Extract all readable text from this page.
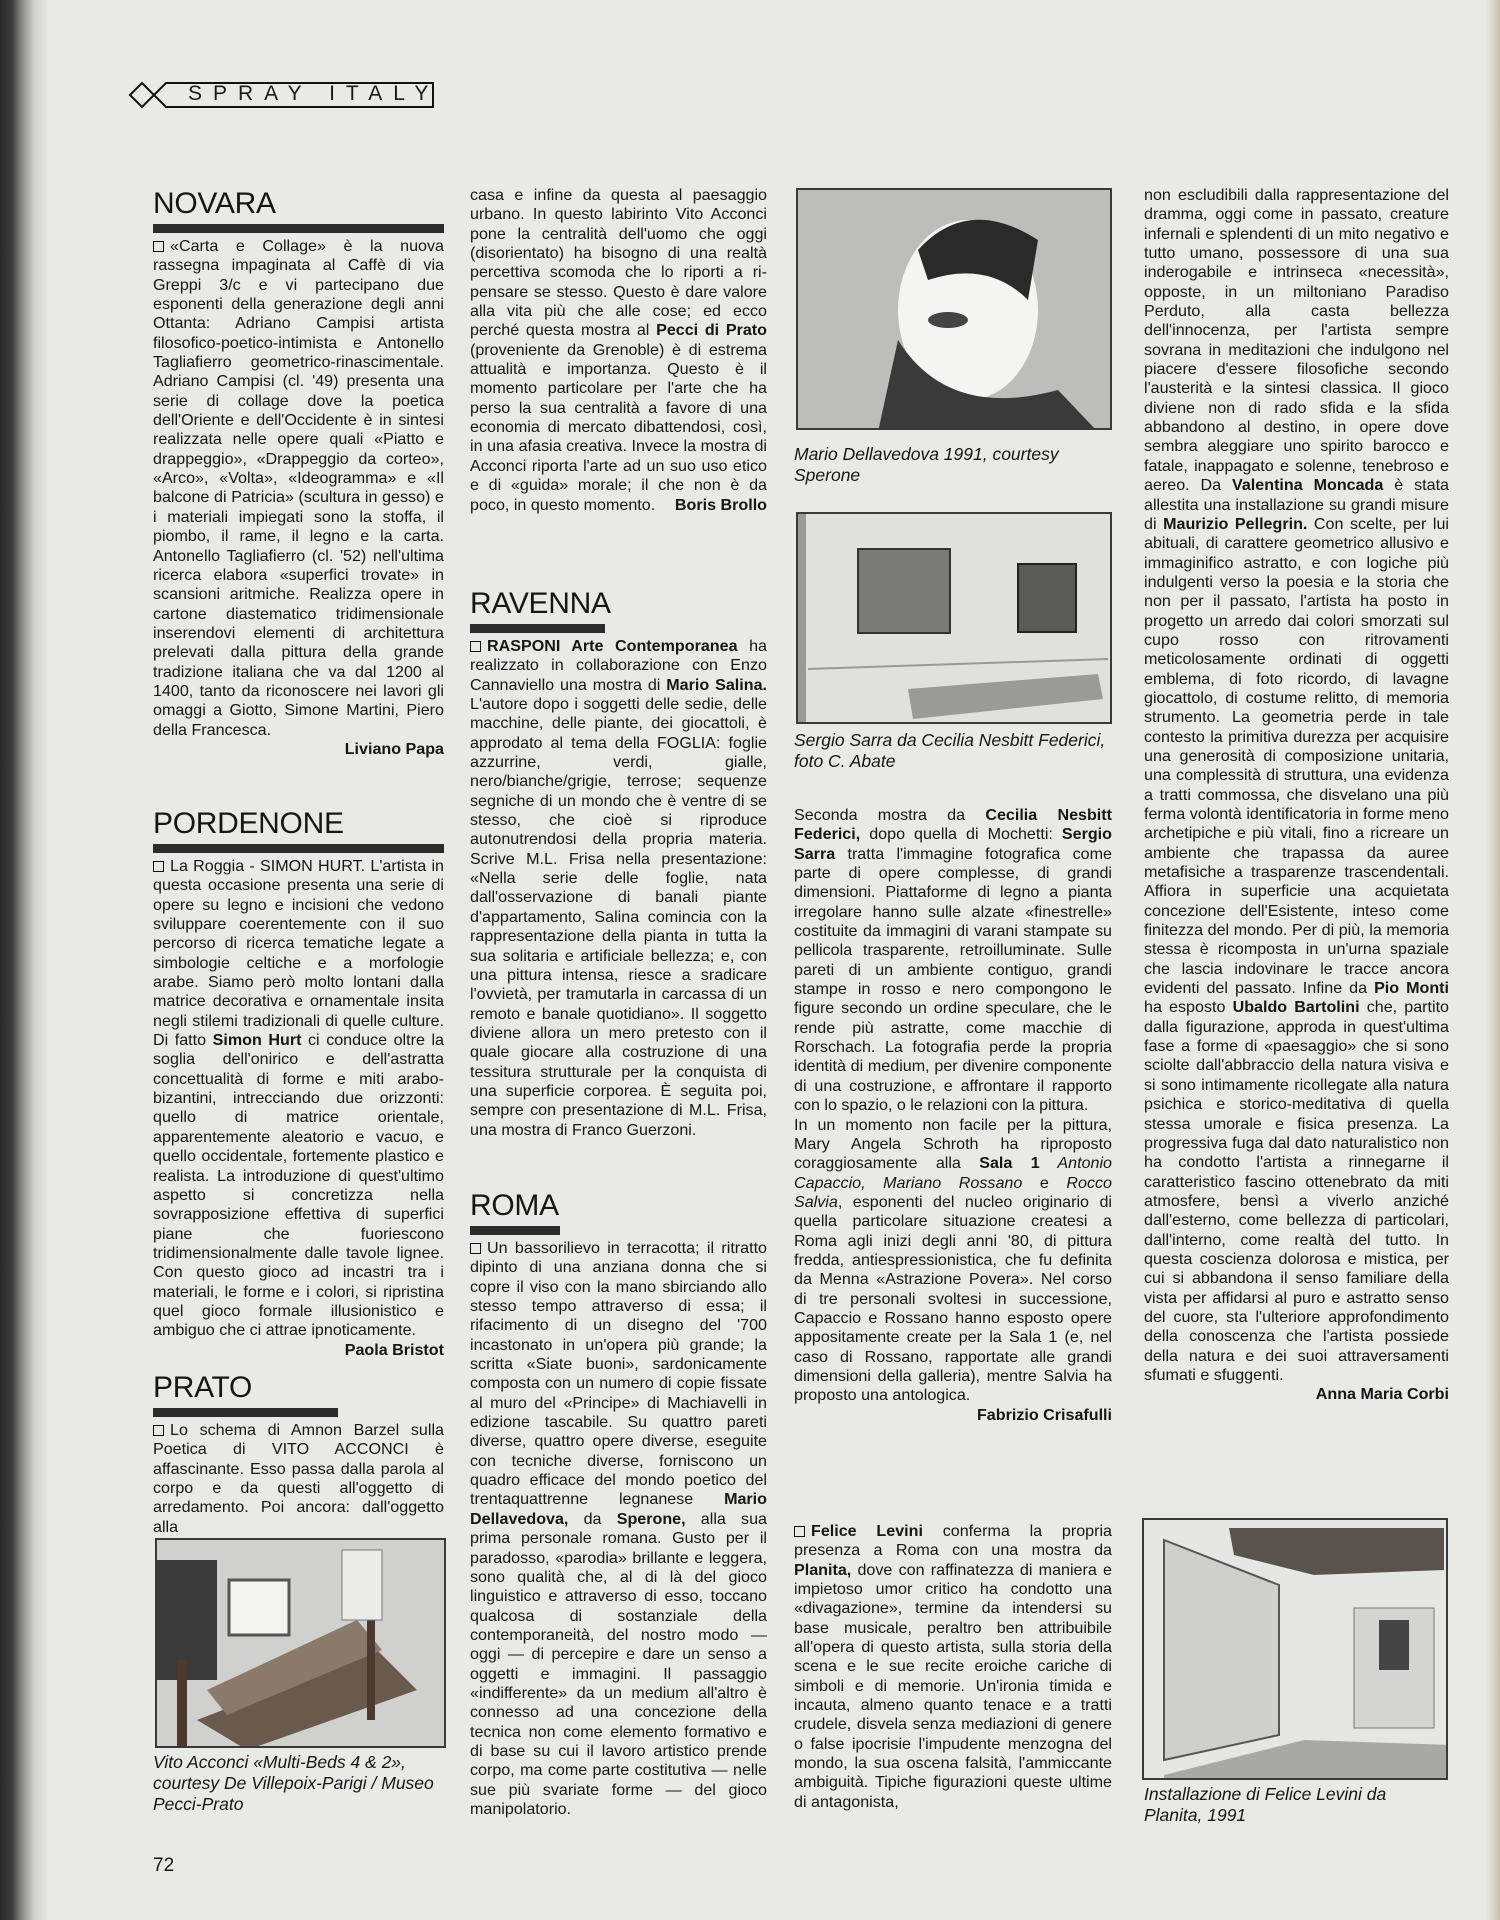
SPRAY ITALY
NOVARA

«Carta e Collage» è la nuova rassegna impaginata al Caffè di via Greppi 3/c e vi partecipano due esponenti della generazione degli anni Ottanta: Adriano Campisi artista filosofico-poetico-intimista e Antonello Tagliafierro geometrico-rinascimentale. Adriano Campisi (cl. '49) presenta una serie di collage dove la poetica dell'Oriente e dell'Occidente è in sintesi realizzata nelle opere quali «Piatto e drappeggio», «Drappeggio da corteo», «Arco», «Volta», «Ideogramma» e «Il balcone di Patricia» (scultura in gesso) e i materiali impiegati sono la stoffa, il piombo, il rame, il legno e la carta. Antonello Tagliafierro (cl. '52) nell'ultima ricerca elabora «superfici trovate» in scansioni aritmiche. Realizza opere in cartone diastematico tridimensionale inserendovi elementi di architettura prelevati dalla pittura della grande tradizione italiana che va dal 1200 al 1400, tanto da riconoscere nei lavori gli omaggi a Giotto, Simone Martini, Piero della Francesca.

Liviano Papa

PORDENONE

La Roggia - SIMON HURT. L'artista in questa occasione presenta una serie di opere su legno e incisioni che vedono svilupparе coerentemente con il suo percorso di ricerca tematiche legate a simbologie celtiche e a morfologie arabe. Siamo però molto lontani dalla matrice decorativa e ornamentale insita negli stilemi tradizionali di quelle culture. Di fatto Simon Hurt ci conduce oltre la soglia dell'onirico e dell'astratta concettualità di forme e miti arabo-bizantini, intrecciando due orizzonti: quello di matrice orientale, apparentemente aleatorio e vacuo, e quello occidentale, fortemente plastico e realista. La introduzione di quest'ultimo aspetto si concretizza nella sovrapposizione effettiva di superfici piane che fuoriescono tridimensionalmente dalle tavole lignee. Con questo gioco ad incastri tra i materiali, le forme e i colori, si ripristina quel gioco formale illusionistico e ambiguo che ci attrae ipnoticamente.

Paola Bristot

PRATO

Lo schema di Amnon Barzel sulla Poetica di VITO ACCONCI è affascinante. Esso passa dalla parola al corpo e da questi all'oggetto di arredamento. Poi ancora: dall'oggetto alla

Vito Acconci «Multi-Beds 4 & 2», courtesy De Villepoix-Parigi / Museo Pecci-Prato

casa e infine da questa al paesaggio urbano. In questo labirinto Vito Acconci pone la centralità dell'uomo che oggi (disorientato) ha bisogno di una realtà percettiva scomoda che lo riporti a ri-pensare se stesso. Questo è dare valore alla vita più che alle cose; ed ecco perché questa mostra al Pecci di Prato (proveniente da Grenoble) è di estrema attualità e importanza. Questo è il momento particolare per l'arte che ha perso la sua centralità a favore di una economia di mercato dibattendosi, così, in una afasia creativa. Invece la mostra di Acconci riporta l'arte ad un suo uso etico e di «guida» morale; il che non è da poco, in questo momento.	Boris Brollo

RAVENNA

RASPONI Arte Contemporanea ha realizzato in collaborazione con Enzo Cannaviello una mostra di Mario Salina. L'autore dopo i soggetti delle sedie, delle macchine, delle piante, dei giocattoli, è approdato al tema della FOGLIA: foglie azzurrine, verdi, gialle, nero/bianche/grigie, terrose; sequenze segniche di un mondo che è ventre di se stesso, che cioè si riproduce autonutrendosi della propria materia. Scrive M.L. Frisa nella presentazione: «Nella serie delle foglie, nata dall'osservazione di banali piante d'appartamento, Salina comincia con la rappresentazione della pianta in tutta la sua solitaria e artificiale bellezza; e, con una pittura intensa, riesce a sradicare l'ovvietà, per tramutarla in carcassa di un remoto e banale quotidiano». Il soggetto diviene allora un mero pretesto con il quale giocare alla costruzione di una tessitura strutturale per la conquista di una superficie corporea. È seguita poi, sempre con presentazione di M.L. Frisa, una mostra di Franco Guerzoni.

ROMA

Un bassorilievo in terracotta; il ritratto dipinto di una anziana donna che si copre il viso con la mano sbirciando allo stesso tempo attraverso di essa; il rifacimento di un disegno del '700 incastonato in un'opera più grande; la scritta «Siate buoni», sardonicamente composta con un numero di copie fissate al muro del «Principe» di Machiavelli in edizione tascabile. Su quattro pareti diverse, quattro opere diverse, eseguite con tecniche diverse, forniscono un quadro efficace del mondo poetico del trentaquattrenne legnanese Mario Dellavedova, da Sperone, alla sua prima personale romana. Gusto per il paradosso, «parodia» brillante e leggera, sono qualità che, al di là del gioco linguistico e attraverso di esso, toccano qualcosa di sostanziale della contemporaneità, del nostro modo — oggi — di percepire e dare un senso a oggetti e immagini. Il passaggio «indifferente» da un medium all'altro è connesso ad una concezione della tecnica non come elemento formativo e di base su cui il lavoro artistico prende corpo, ma come parte costitutiva — nelle sue più svariate forme — del gioco manipolatorio.

Mario Dellavedova 1991, courtesy Sperone
Sergio Sarra da Cecilia Nesbitt Federici, foto C. Abate

Seconda mostra da Cecilia Nesbitt Federici, dopo quella di Mochetti: Sergio Sarra tratta l'immagine fotografica come parte di opere complesse, di grandi dimensioni. Piattaforme di legno a pianta irregolare hanno sulle alzate «finestrelle» costituite da immagini di varani stampate su pellicola trasparente, retroilluminate. Sulle pareti di un ambiente contiguo, grandi stampe in rosso e nero compongono le figure secondo un ordine speculare, che le rende più astratte, come macchie di Rorschach. La fotografia perde la propria identità di medium, per divenire componente di una costruzione, e affrontare il rapporto con lo spazio, o le relazioni con la pittura.

In un momento non facile per la pittura, Mary Angela Schroth ha riproposto coraggiosamente alla Sala 1 Antonio Capaccio, Mariano Rossano e Rocco Salvia, esponenti del nucleo originario di quella particolare situazione createsi a Roma agli inizi degli anni '80, di pittura fredda, antiespressionistica, che fu definita da Menna «Astrazione Povera». Nel corso di tre personali svoltesi in successione, Capaccio e Rossano hanno esposto opere appositamente create per la Sala 1 (e, nel caso di Rossano, rapportate alle grandi dimensioni della galleria), mentre Salvia ha proposto una antologica.

Fabrizio Crisafulli

Felice Levini conferma la propria presenza a Roma con una mostra da Planita, dove con raffinatezza di maniera e impietoso umor critico ha condotto una «divagazione», termine da intendersi su base musicale, peraltro ben attribuibile all'opera di questo artista, sulla storia della scena e le sue recite eroiche cariche di simboli e di memorie. Un'ironia timida e incauta, almeno quanto tenace e a tratti crudele, disvela senza mediazioni di genere o false ipocrisie l'impudente menzogna del mondo, la sua oscena falsità, l'ammiccante ambiguità. Tipiche figurazioni queste ultime di antagonista,

non escludibili dalla rappresentazione del dramma, oggi come in passato, creature infernali e splendenti di un mito negativo e tutto umano, possessore di una sua inderogabile e intrinseca «necessità», opposte, in un miltoniano Paradiso Perduto, alla casta bellezza dell'innocenza, per l'artista sempre sovrana in meditazioni che indulgono nel piacere d'essere filosofiche secondo l'austerità e la sintesi classica. Il gioco diviene non di rado sfida e la sfida abbandono al destino, in opere dove sembra aleggiare uno spirito barocco e fatale, inappagato e solenne, tenebroso e aereo. Da Valentina Moncada è stata allestita una installazione su grandi misure di Maurizio Pellegrin. Con scelte, per lui abituali, di carattere geometrico allusivo e immaginifico astratto, e con logiche più indulgenti verso la poesia e la storia che non per il passato, l'artista ha posto in progetto un arredo dai colori smorzati sul cupo rosso con ritrovamenti meticolosamente ordinati di oggetti emblema, di foto ricordo, di lavagne giocattolo, di costume relitto, di memoria strumento. La geometria perde in tale contesto la primitiva durezza per acquisire una generosità di composizione unitaria, una complessità di struttura, una evidenza a tratti commossa, che disvelano una più ferma volontà identificatoria in forme meno archetipiche e più vitali, fino a ricreare un ambiente che trapassa da auree metafisiche a trasparenze trascendentali. Affiora in superficie una acquietata concezione dell'Esistente, inteso come finitezza del mondo. Per di più, la memoria stessa è ricomposta in un'urna spaziale che lascia indovinare le tracce ancora evidenti del passato. Infine da Pio Monti ha esposto Ubaldo Bartolini che, partito dalla figurazione, approda in quest'ultima fase a forme di «paesaggio» che si sono sciolte dall'abbraccio della natura visiva e si sono intimamente ricollegate alla natura psichica e storico-meditativa di quella stessa umorale e fisica presenza. La progressiva fuga dal dato naturalistico non ha condotto l'artista a rinnegarne il caratteristico fascino ottenebrato da miti atmosfere, bensì a viverlo anziché dall'esterno, come bellezza di particolari, dall'interno, come realtà del tutto. In questa coscienza dolorosa e mistica, per cui si abbandona il senso familiare della vista per affidarsi al puro e astratto senso del cuore, sta l'ulteriore approfondimento della conoscenza che l'artista possiede della natura e dei suoi attraversamenti sfumati e sfuggenti.

Anna Maria Corbi

Installazione di Felice Levini da Planita, 1991
72
